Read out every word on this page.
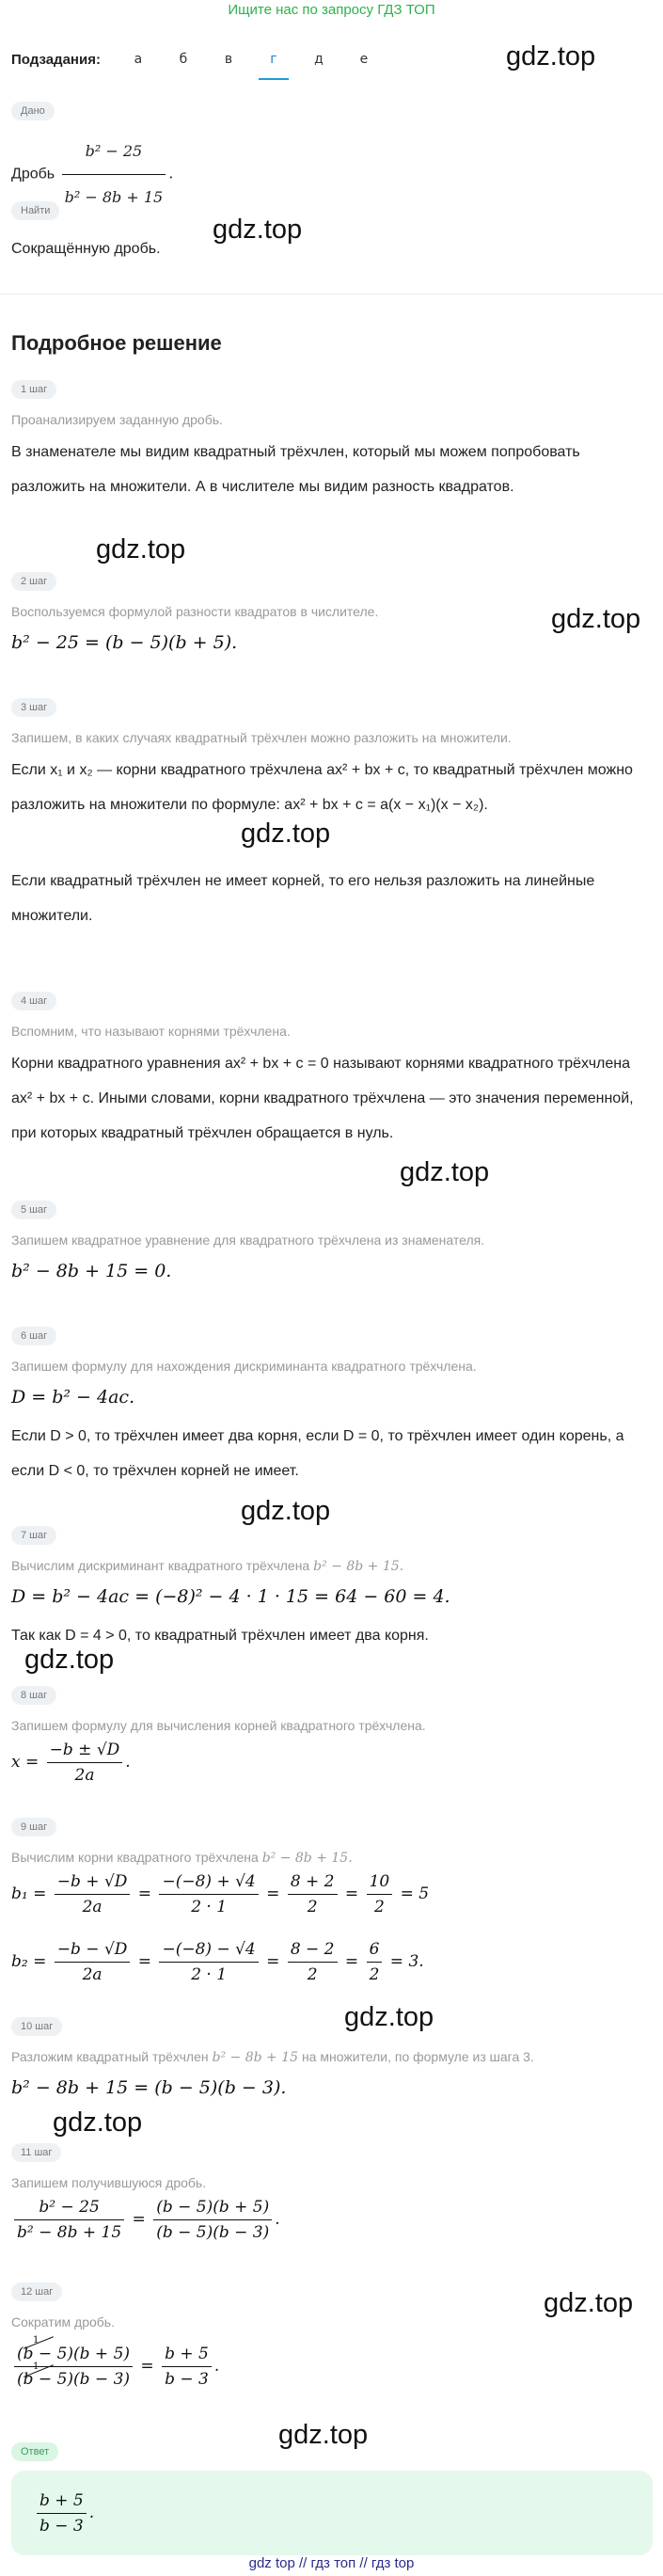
Ищите нас по запросу ГДЗ ТОП
Подзадания:	а	б	в	г	д	е	gdz.top
gdz.top
gdz.top
gdz.top
gdz.top
gdz.top
gdz.top
gdz.top
gdz.top
gdz.top
gdz.top
gdz.top
Дано
Дробь $\frac{\text{b² − 25}}{\text{b² − 8b + 15}}$ .
Найти
Сокращённую дробь.
Подробное решение
1 шаг
Проанализируем заданную дробь.
В знаменателе мы видим квадратный трёхчлен, который мы можем попробовать разложить на множители. А в числителе мы видим разность квадратов.
2 шаг
Воспользуемся формулой разности квадратов в числителе.
b² − 25 = (b − 5)(b + 5).
3 шаг
Запишем, в каких случаях квадратный трёхчлен можно разложить на множители.
Если x₁ и x₂ — корни квадратного трёхчлена ax² + bx + c, то квадратный трёхчлен можно разложить на множители по формуле: ax² + bx + c = a(x − x₁)(x − x₂).
Если квадратный трёхчлен не имеет корней, то его нельзя разложить на линейные множители.
4 шаг
Вспомним, что называют корнями трёхчлена.
Корни квадратного уравнения ax² + bx + c = 0 называют корнями квадратного трёхчлена ax² + bx + c. Иными словами, корни квадратного трёхчлена — это значения переменной, при которых квадратный трёхчлен обращается в нуль.
5 шаг
Запишем квадратное уравнение для квадратного трёхчлена из знаменателя.
b² − 8b + 15 = 0.
6 шаг
Запишем формулу для нахождения дискриминанта квадратного трёхчлена.
D = b² − 4ac.
Если D > 0, то трёхчлен имеет два корня, если D = 0, то трёхчлен имеет один корень, а если D < 0, то трёхчлен корней не имеет.
7 шаг
Вычислим дискриминант квадратного трёхчлена b² − 8b + 15.
D = b² − 4ac = (−8)² − 4 · 1 · 15 = 64 − 60 = 4.
Так как D = 4 > 0, то квадратный трёхчлен имеет два корня.
8 шаг
Запишем формулу для вычисления корней квадратного трёхчлена.
$x = \frac{-b \pm √D}{2a}$ .
9 шаг
Вычислим корни квадратного трёхчлена b² − 8b + 15.
$b_1 = \frac{-b + √D}{2a} = \frac{-(-8) + √4}{2 \cdot 1} = \frac{8 + 2}{2} = \frac{10}{2} = 5$
$b_2 = \frac{-b - √D}{2a} = \frac{-(-8) - √4}{2 \cdot 1} = \frac{8 - 2}{2} = \frac{6}{2} = 3$.
10 шаг
Разложим квадратный трёхчлен b² − 8b + 15 на множители, по формуле из шага 3.
b² − 8b + 15 = (b − 5)(b − 3).
11 шаг
Запишем получившуюся дробь.
$\frac{\text{b² − 25}}{\text{b² − 8b + 15}} = \frac{(b - 5)(b + 5)}{(b - 5)(b - 3)}$ .
12 шаг
Сократим дробь.
(b − 5)(b + 5)
1
(b − 5)(b − 3)
$1 = \frac{b + 5}{b - 3}$ .
Ответ
$\frac{b + 5}{b - 3}$ .
gdz top // гдз топ // гдз top
